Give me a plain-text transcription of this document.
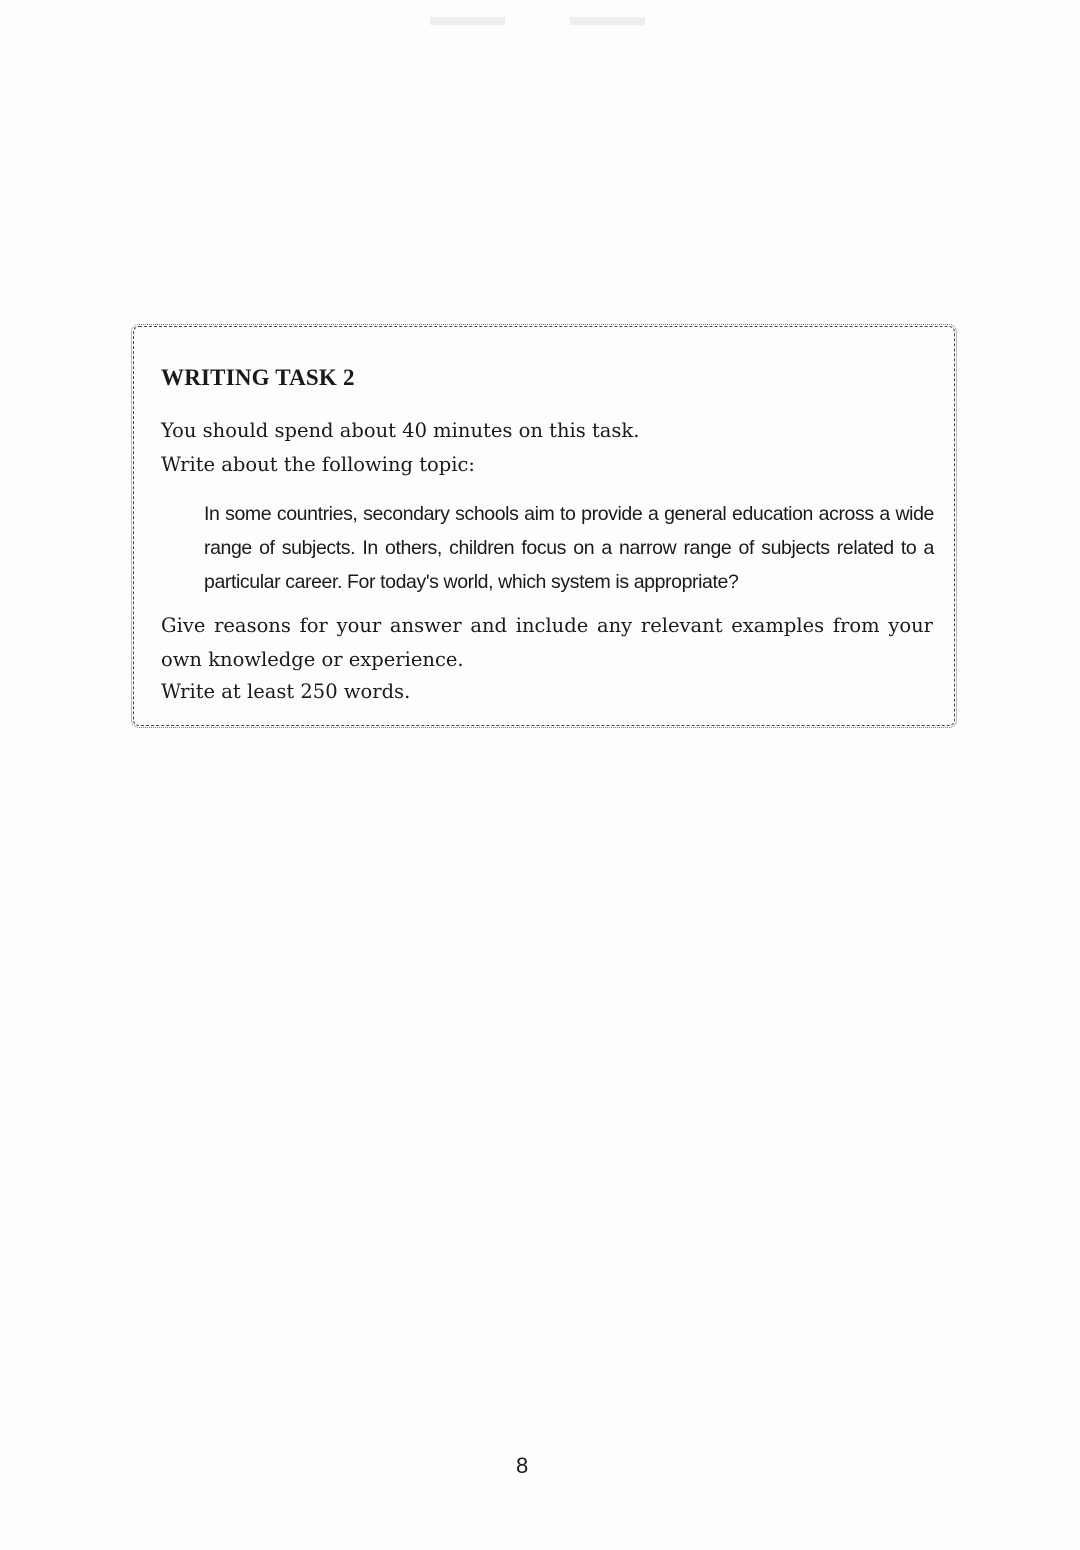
WRITING TASK 2

You should spend about 40 minutes on this task.

Write about the following topic:

In some countries, secondary schools aim to provide a general education across a wide range of subjects. In others, children focus on a narrow range of subjects related to a particular career. For today's world, which system is appropriate?

Give reasons for your answer and include any relevant examples from your own knowledge or experience.

Write at least 250 words.

8
